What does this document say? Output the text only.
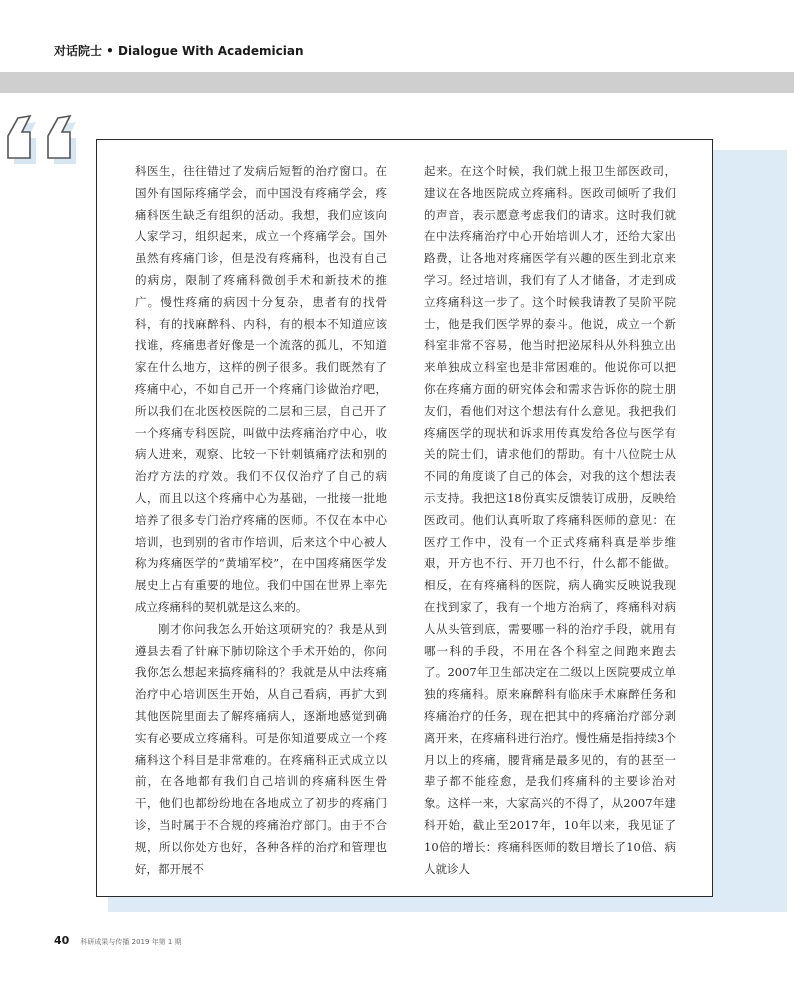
对话院士 • Dialogue With Academician

科医生，往往错过了发病后短暂的治疗窗口。在国外有国际疼痛学会，而中国没有疼痛学会，疼痛科医生缺乏有组织的活动。我想，我们应该向人家学习，组织起来，成立一个疼痛学会。国外虽然有疼痛门诊，但是没有疼痛科，也没有自己的病房，限制了疼痛科微创手术和新技术的推广。慢性疼痛的病因十分复杂，患者有的找骨科，有的找麻醉科、内科，有的根本不知道应该找谁，疼痛患者好像是一个流落的孤儿，不知道家在什么地方，这样的例子很多。我们既然有了疼痛中心，不如自己开一个疼痛门诊做治疗吧，所以我们在北医校医院的二层和三层，自己开了一个疼痛专科医院，叫做中法疼痛治疗中心，收病人进来，观察、比较一下针刺镇痛疗法和别的治疗方法的疗效。我们不仅仅治疗了自己的病人，而且以这个疼痛中心为基础，一批接一批地培养了很多专门治疗疼痛的医师。不仅在本中心培训，也到别的省市作培训，后来这个中心被人称为疼痛医学的“黄埔军校”，在中国疼痛医学发展史上占有重要的地位。我们中国在世界上率先成立疼痛科的契机就是这么来的。

刚才你问我怎么开始这项研究的？我是从到遵县去看了针麻下肺切除这个手术开始的，你问我你怎么想起来搞疼痛科的？我就是从中法疼痛治疗中心培训医生开始，从自己看病，再扩大到其他医院里面去了解疼痛病人，逐渐地感觉到确实有必要成立疼痛科。可是你知道要成立一个疼痛科这个科目是非常难的。在疼痛科正式成立以前，在各地都有我们自己培训的疼痛科医生骨干，他们也都纷纷地在各地成立了初步的疼痛门诊，当时属于不合规的疼痛治疗部门。由于不合规，所以你处方也好，各种各样的治疗和管理也好，都开展不

起来。在这个时候，我们就上报卫生部医政司，建议在各地医院成立疼痛科。医政司倾听了我们的声音，表示愿意考虑我们的请求。这时我们就在中法疼痛治疗中心开始培训人才，还给大家出路费，让各地对疼痛医学有兴趣的医生到北京来学习。经过培训，我们有了人才储备，才走到成立疼痛科这一步了。这个时候我请教了吴阶平院士，他是我们医学界的泰斗。他说，成立一个新科室非常不容易，他当时把泌尿科从外科独立出来单独成立科室也是非常困难的。他说你可以把你在疼痛方面的研究体会和需求告诉你的院士朋友们，看他们对这个想法有什么意见。我把我们疼痛医学的现状和诉求用传真发给各位与医学有关的院士们，请求他们的帮助。有十八位院士从不同的角度谈了自己的体会，对我的这个想法表示支持。我把这18份真实反馈装订成册，反映给医政司。他们认真听取了疼痛科医师的意见：在医疗工作中，没有一个正式疼痛科真是举步维艰，开方也不行、开刀也不行，什么都不能做。相反，在有疼痛科的医院，病人确实反映说我现在找到家了，我有一个地方治病了，疼痛科对病人从头管到底，需要哪一科的治疗手段，就用有哪一科的手段，不用在各个科室之间跑来跑去了。2007年卫生部决定在二级以上医院要成立单独的疼痛科。原来麻醉科有临床手术麻醉任务和疼痛治疗的任务，现在把其中的疼痛治疗部分剥离开来，在疼痛科进行治疗。慢性痛是指持续3个月以上的疼痛，腰背痛是最多见的，有的甚至一辈子都不能痊愈，是我们疼痛科的主要诊治对象。这样一来，大家高兴的不得了，从2007年建科开始，截止至2017年，10年以来，我见证了10倍的增长：疼痛科医师的数目增长了10倍、病人就诊人

40 科研成果与传播 2019 年第 1 期
